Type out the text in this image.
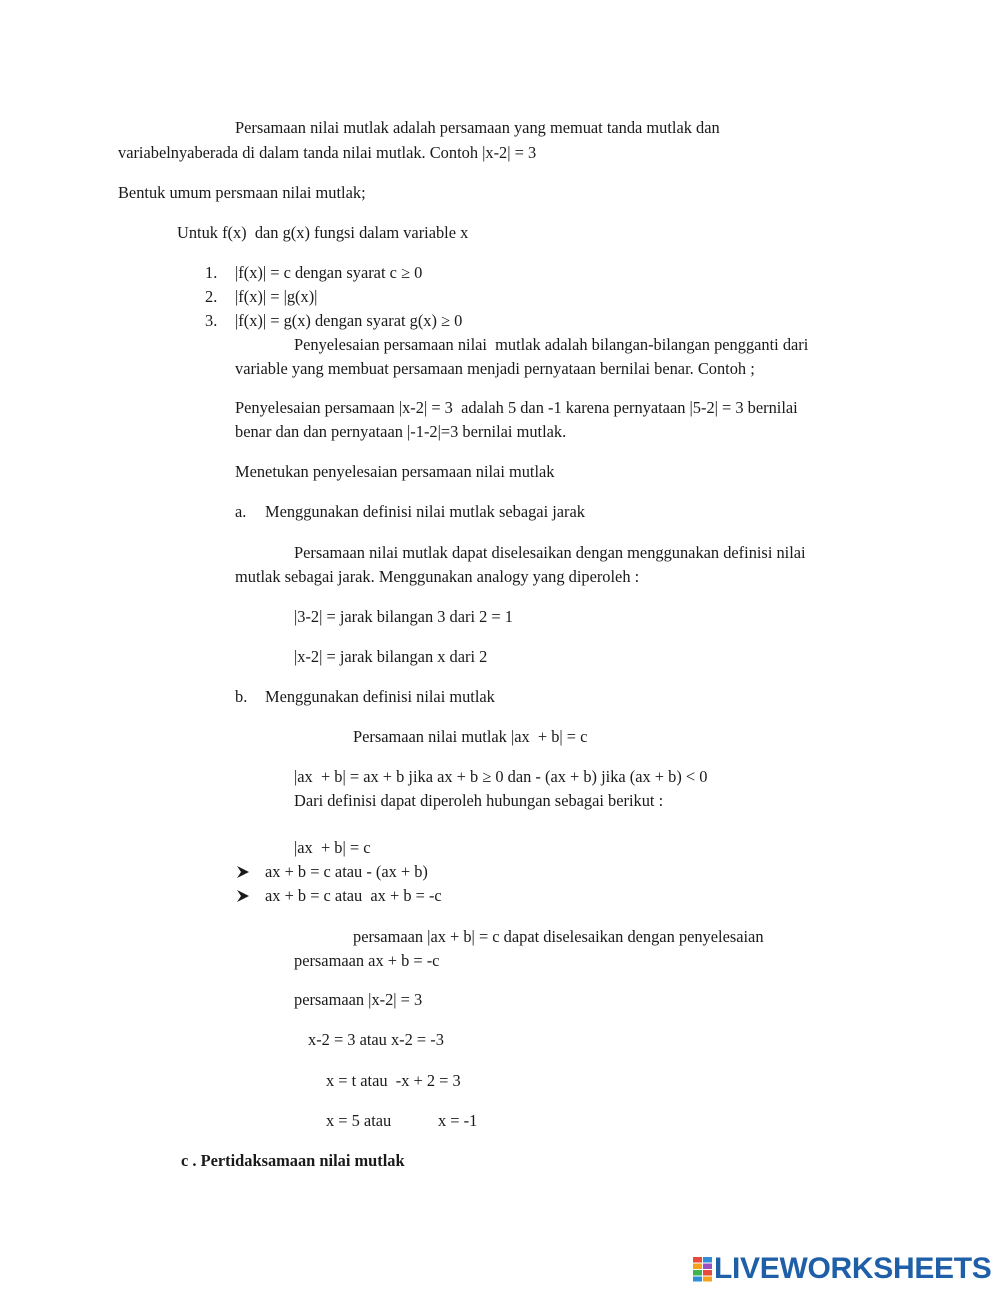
Persamaan nilai mutlak adalah persamaan yang memuat tanda mutlak dan
variabelnyaberada di dalam tanda nilai mutlak. Contoh |x-2| = 3
Bentuk umum persmaan nilai mutlak;
Untuk f(x)  dan g(x) fungsi dalam variable x
1. |f(x)| = c dengan syarat c ≥ 0
2. |f(x)| = |g(x)|
3. |f(x)| = g(x) dengan syarat g(x) ≥ 0
Penyelesaian persamaan nilai  mutlak adalah bilangan-bilangan pengganti dari
variable yang membuat persamaan menjadi pernyataan bernilai benar. Contoh ;
Penyelesaian persamaan |x-2| = 3  adalah 5 dan -1 karena pernyataan |5-2| = 3 bernilai
benar dan dan pernyataan |-1-2|=3 bernilai mutlak.
Menetukan penyelesaian persamaan nilai mutlak
a. Menggunakan definisi nilai mutlak sebagai jarak
Persamaan nilai mutlak dapat diselesaikan dengan menggunakan definisi nilai
mutlak sebagai jarak. Menggunakan analogy yang diperoleh :
|3-2| = jarak bilangan 3 dari 2 = 1
|x-2| = jarak bilangan x dari 2
b. Menggunakan definisi nilai mutlak
Persamaan nilai mutlak |ax  + b| = c
|ax  + b| = ax + b jika ax + b ≥ 0 dan - (ax + b) jika (ax + b) < 0
Dari definisi dapat diperoleh hubungan sebagai berikut :
|ax  + b| = c
ax + b = c atau - (ax + b)
ax + b = c atau  ax + b = -c
persamaan |ax + b| = c dapat diselesaikan dengan penyelesaian
persamaan ax + b = -c
persamaan |x-2| = 3
x-2 = 3 atau x-2 = -3
x = t atau  -x + 2 = 3
x = 5 atau	x = -1
c . Pertidaksamaan nilai mutlak
LIVEWORKSHEETS
